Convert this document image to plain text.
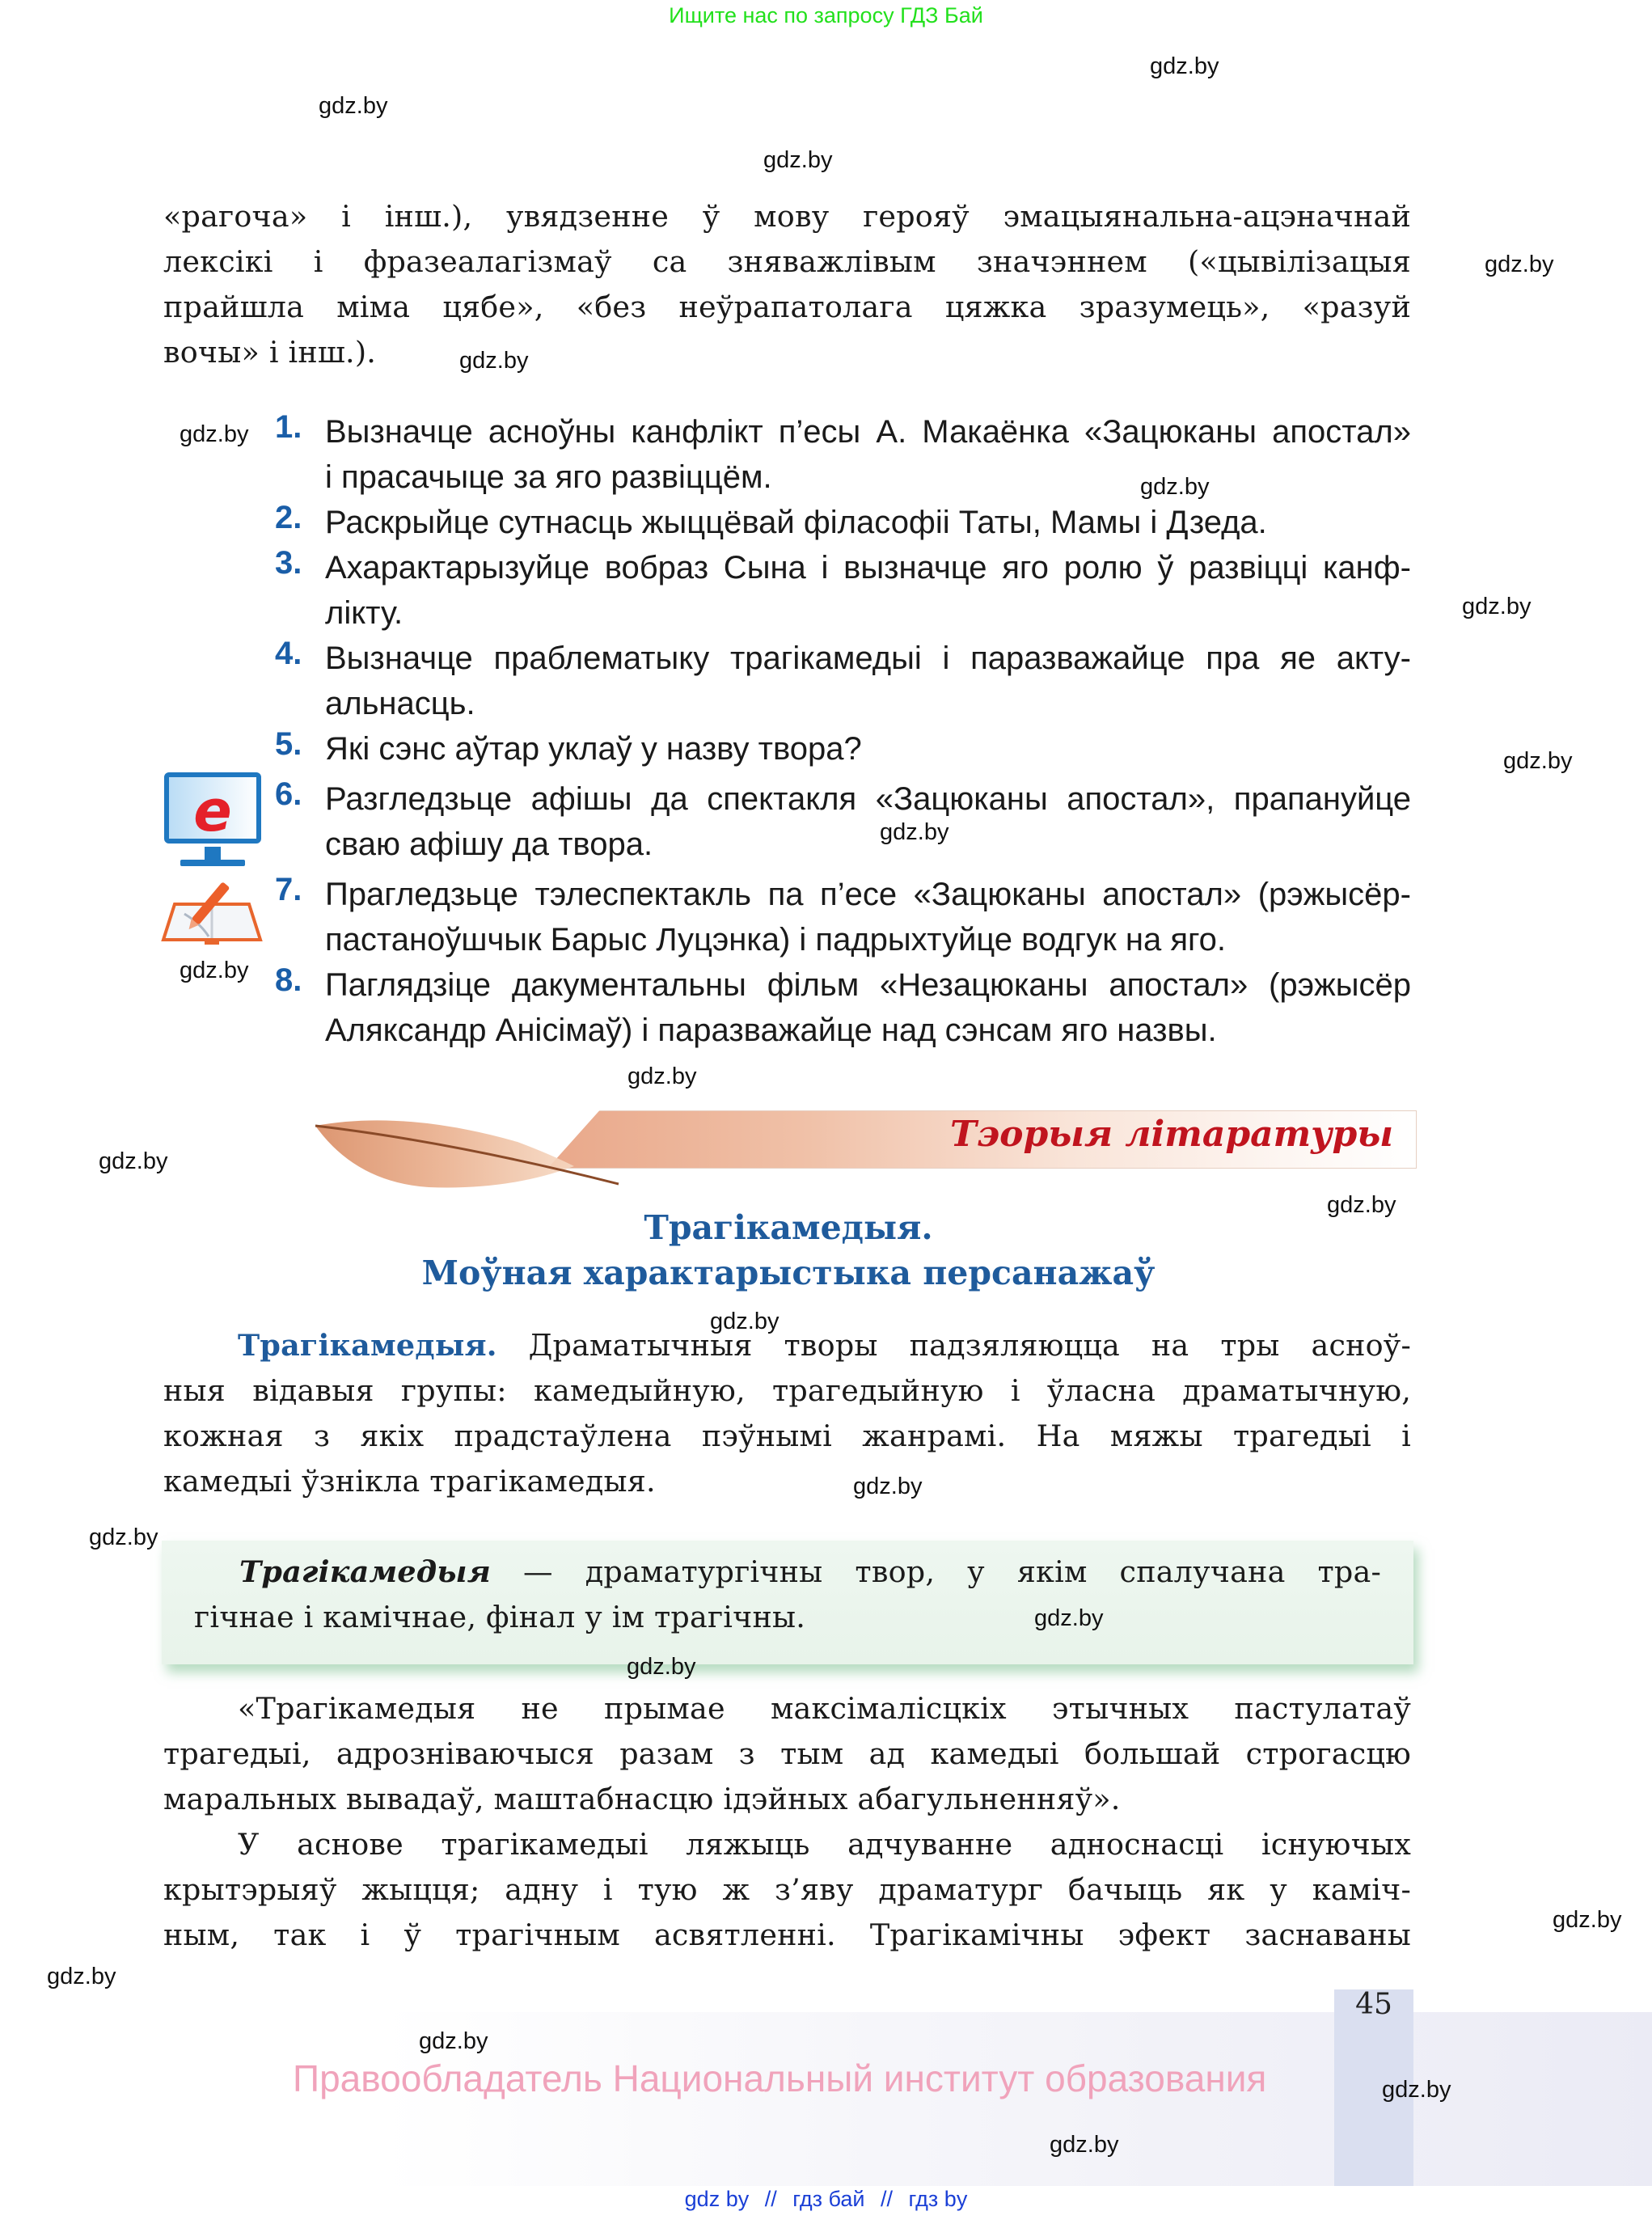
Ищите нас по запросу ГДЗ Бай
«рагоча» і інш.), увядзенне ў мову герояў эмацыянальна-ацэначнай
лексікі і фразеалагізмаў са зняважлівым значэннем («цывілізацыя
прайшла міма цябе», «без неўрапатолага цяжка зразумець», «разуй
вочы» і інш.).
e
1. Вызначце асноўны канфлікт п’есы А. Макаёнка «Зацюканы апостал»
і прасачыце за яго развіццём.
2. Раскрыйце сутнасць жыццёвай філасофіі Таты, Мамы і Дзеда.
3. Ахарактарызуйце вобраз Сына і вызначце яго ролю ў развіцці канф-
лікту.
4. Вызначце праблематыку трагікамедыі і паразважайце пра яе акту-
альнасць.
5. Які сэнс аўтар уклаў у назву твора?
6. Разгледзьце афішы да спектакля «Зацюканы апостал», прапануйце
сваю афішу да твора.
7. Прагледзьце тэлеспектакль па п’есе «Зацюканы апостал» (рэжысёр-
пастаноўшчык Барыс Луцэнка) і падрыхтуйце водгук на яго.
8. Паглядзіце дакументальны фільм «Незацюканы апостал» (рэжысёр
Аляксандр Анісімаў) і паразважайце над сэнсам яго назвы.
Тэорыя літаратуры
Трагікамедыя.
Моўная характарыстыка персанажаў
Трагікамедыя. Драматычныя творы падзяляюцца на тры асноў-
ныя відавыя групы: камедыйную, трагедыйную і ўласна драматычную,
кожная з якіх прадстаўлена пэўнымі жанрамі. На мяжы трагедыі і
камедыі ўзнікла трагікамедыя.
Трагікамедыя — драматургічны твор, у якім спалучана тра-
гічнае і камічнае, фінал у ім трагічны.
«Трагікамедыя не прымае максімалісцкіх этычных пастулатаў
трагедыі, адрозніваючыся разам з тым ад камедыі большай строгасцю
маральных вывадаў, маштабнасцю ідэйных абагульненняў».
У аснове трагікамедыі ляжыць адчуванне адноснасці існуючых
крытэрыяў жыцця; адну і тую ж з’яву драматург бачыць як у каміч-
ным, так і ў трагічным асвятленні. Трагікамічны эфект заснаваны
45
Правообладатель Национальный институт образования
gdz by // гдз бай // гдз by
gdz.by
gdz.by
gdz.by
gdz.by
gdz.by
gdz.by
gdz.by
gdz.by
gdz.by
gdz.by
gdz.by
gdz.by
gdz.by
gdz.by
gdz.by
gdz.by
gdz.by
gdz.by
gdz.by
gdz.by
gdz.by
gdz.by
gdz.by
gdz.by
